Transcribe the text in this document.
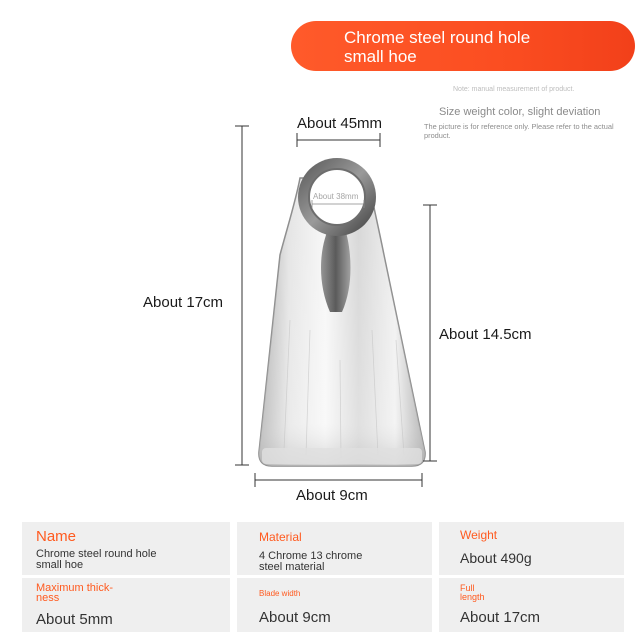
Chrome steel round hole
small hoe
Note: manual measurement of product.
Size weight color, slight deviation
The picture is for reference only. Please refer to the actual product.
About 45mm
About 38mm
About 17cm
About 14.5cm
About 9cm
Name
Chrome steel round hole
small hoe
Material
4 Chrome 13 chrome
steel material
Weight
About 490g
Maximum thick-
ness
About 5mm
Blade width
About 9cm
Full
length
About 17cm
